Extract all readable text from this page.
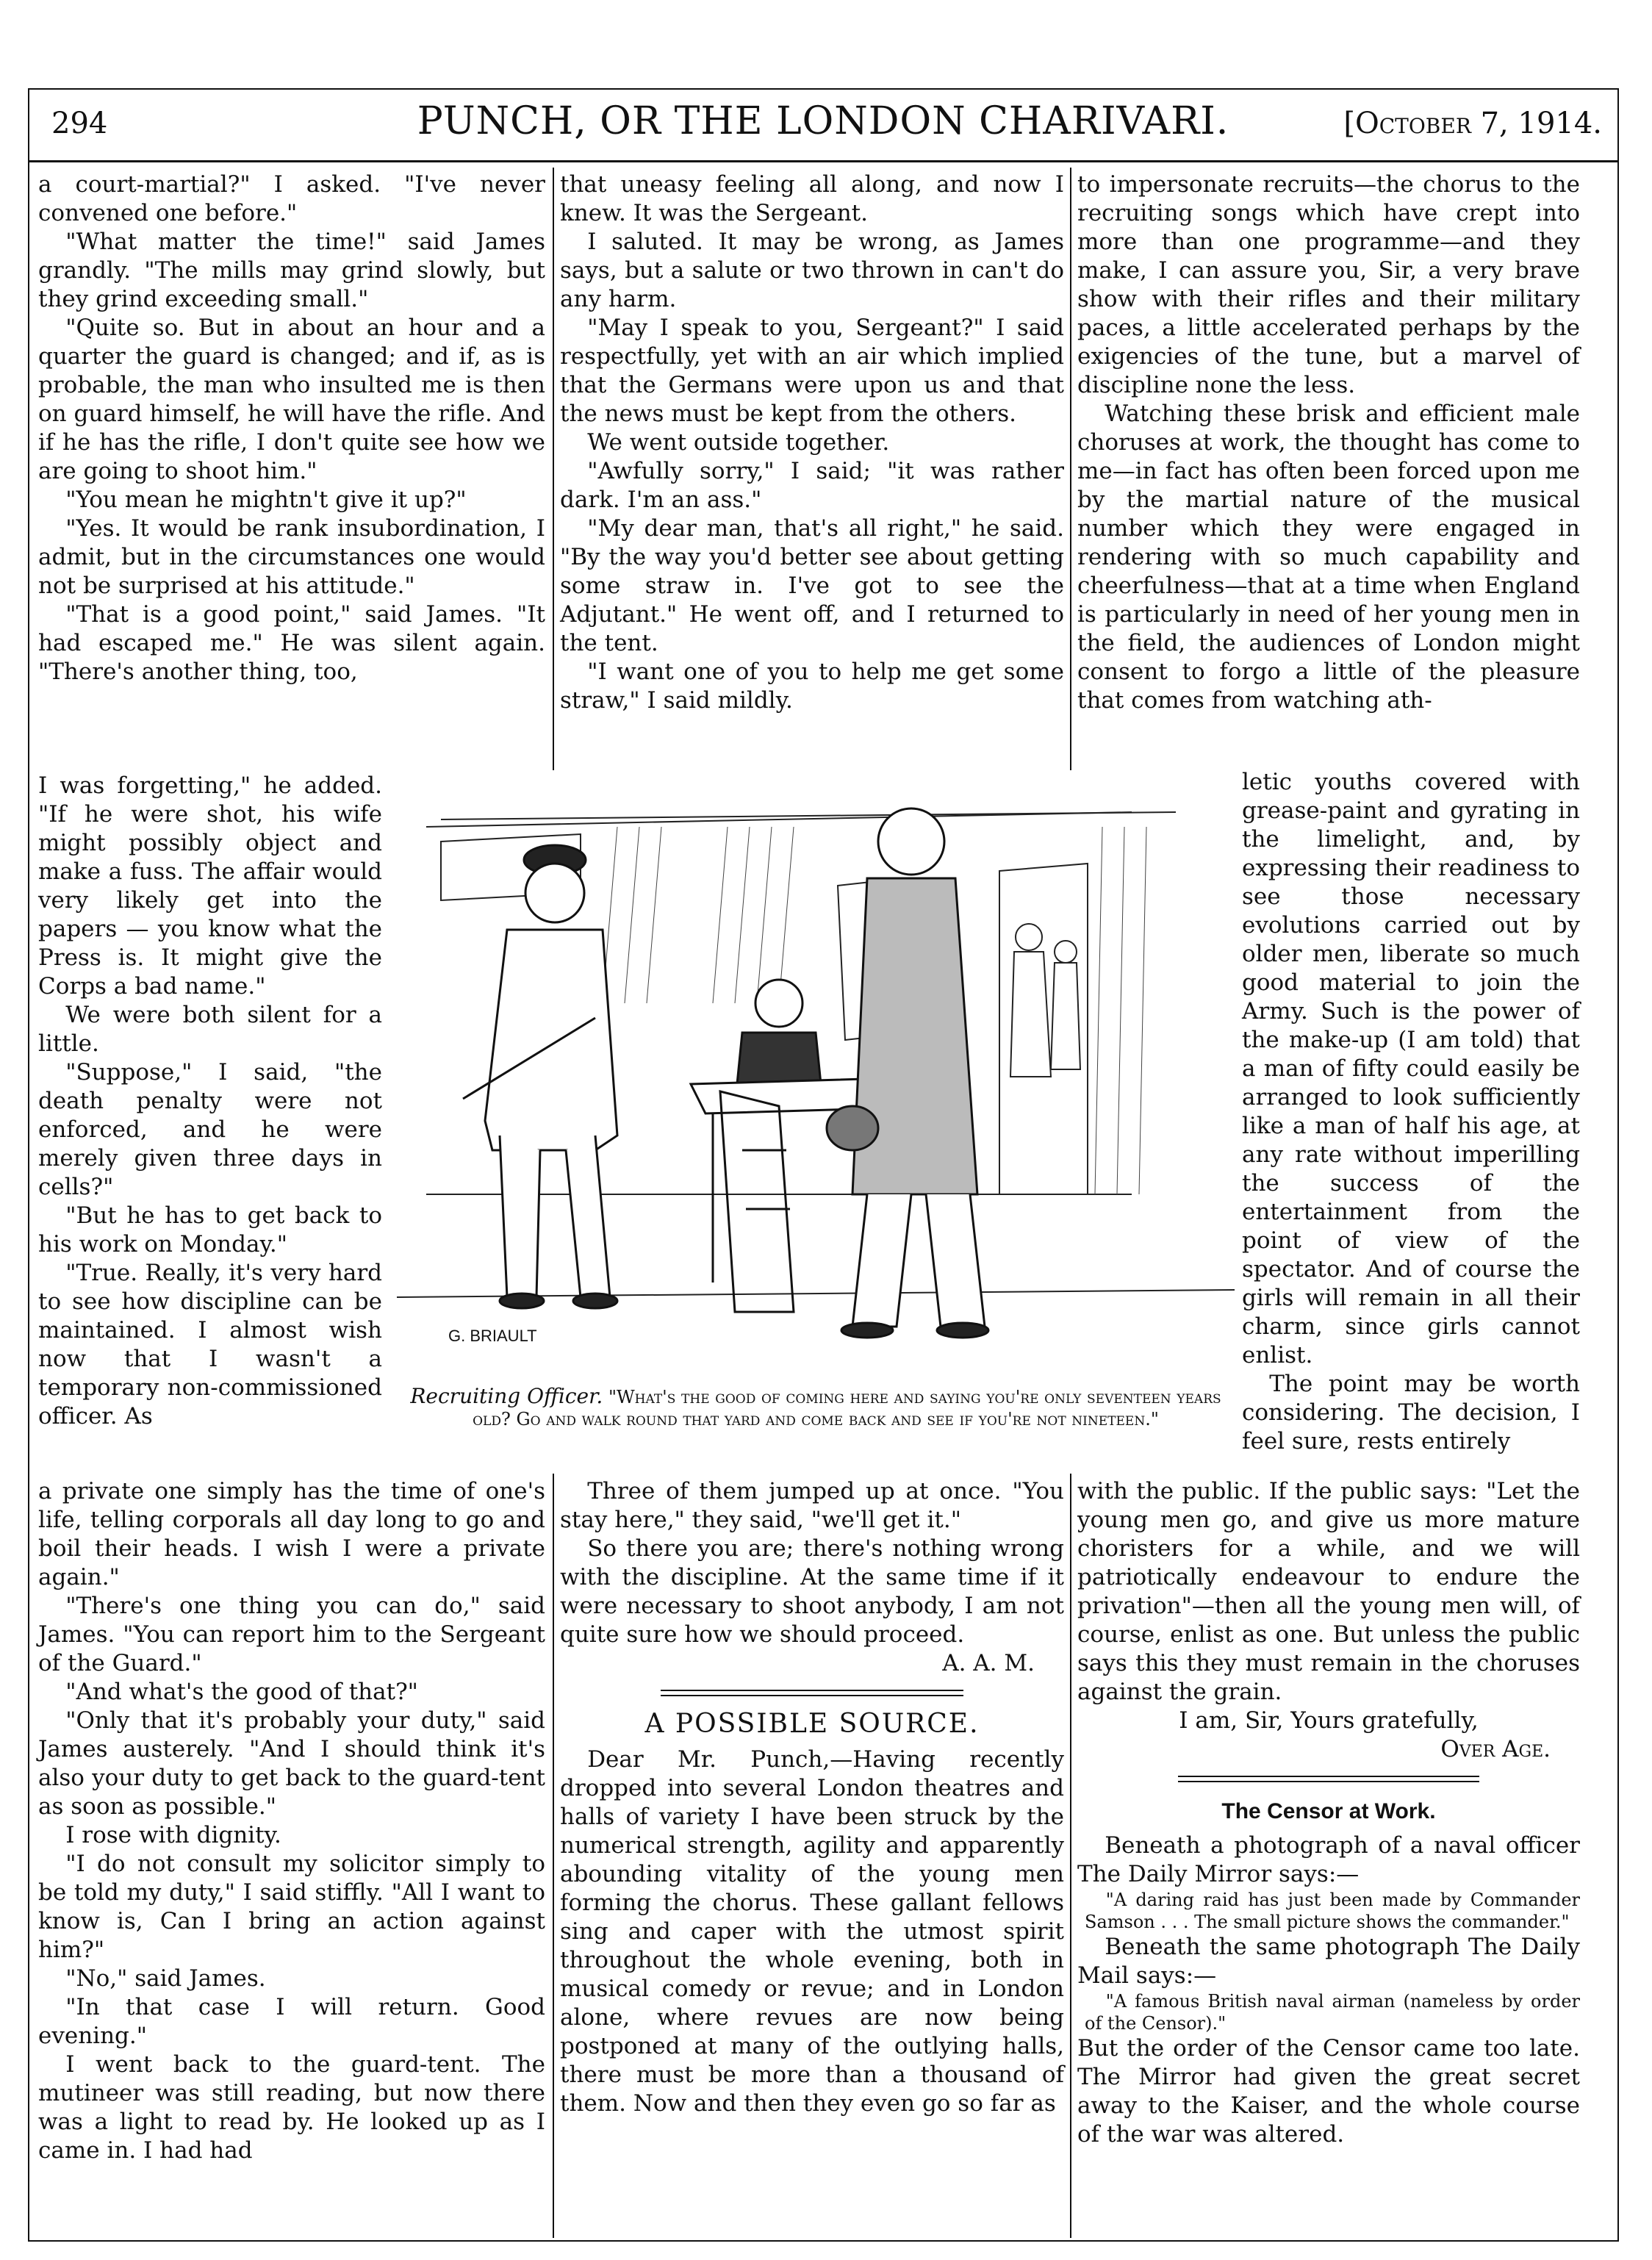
294	PUNCH, OR THE LONDON CHARIVARI.	[October 7, 1914.

a court-martial?" I asked. "I've never convened one before."

"What matter the time!" said James grandly. "The mills may grind slowly, but they grind exceeding small."

"Quite so. But in about an hour and a quarter the guard is changed; and if, as is probable, the man who insulted me is then on guard himself, he will have the rifle. And if he has the rifle, I don't quite see how we are going to shoot him."

"You mean he mightn't give it up?"

"Yes. It would be rank insubordination, I admit, but in the circumstances one would not be surprised at his attitude."

"That is a good point," said James. "It had escaped me." He was silent again. "There's another thing, too,

I was forgetting," he added. "If he were shot, his wife might possibly object and make a fuss. The affair would very likely get into the papers — you know what the Press is. It might give the Corps a bad name."

We were both silent for a little.

"Suppose," I said, "the death penalty were not enforced, and he were merely given three days in cells?"

"But he has to get back to his work on Monday."

"True. Really, it's very hard to see how discipline can be maintained. I almost wish now that I wasn't a temporary non-commissioned officer. As

a private one simply has the time of one's life, telling corporals all day long to go and boil their heads. I wish I were a private again."

"There's one thing you can do," said James. "You can report him to the Sergeant of the Guard."

"And what's the good of that?"

"Only that it's probably your duty," said James austerely. "And I should think it's also your duty to get back to the guard-tent as soon as possible."

I rose with dignity.

"I do not consult my solicitor simply to be told my duty," I said stiffly. "All I want to know is, Can I bring an action against him?"

"No," said James.

"In that case I will return. Good evening."

I went back to the guard-tent. The mutineer was still reading, but now there was a light to read by. He looked up as I came in. I had had

that uneasy feeling all along, and now I knew. It was the Sergeant.

I saluted. It may be wrong, as James says, but a salute or two thrown in can't do any harm.

"May I speak to you, Sergeant?" I said respectfully, yet with an air which implied that the Germans were upon us and that the news must be kept from the others.

We went outside together.

"Awfully sorry," I said; "it was rather dark. I'm an ass."

"My dear man, that's all right," he said. "By the way you'd better see about getting some straw in. I've got to see the Adjutant." He went off, and I returned to the tent.

"I want one of you to help me get some straw," I said mildly.

Three of them jumped up at once. "You stay here," they said, "we'll get it."

So there you are; there's nothing wrong with the discipline. At the same time if it were necessary to shoot anybody, I am not quite sure how we should proceed.

A. A. M.

A POSSIBLE SOURCE.

Dear Mr. Punch,—Having recently dropped into several London theatres and halls of variety I have been struck by the numerical strength, agility and apparently abounding vitality of the young men forming the chorus. These gallant fellows sing and caper with the utmost spirit throughout the whole evening, both in musical comedy or revue; and in London alone, where revues are now being postponed at many of the outlying halls, there must be more than a thousand of them. Now and then they even go so far as

to impersonate recruits—the chorus to the recruiting songs which have crept into more than one programme—and they make, I can assure you, Sir, a very brave show with their rifles and their military paces, a little accelerated perhaps by the exigencies of the tune, but a marvel of discipline none the less.

Watching these brisk and efficient male choruses at work, the thought has come to me—in fact has often been forced upon me by the martial nature of the musical number which they were engaged in rendering with so much capability and cheerfulness—that at a time when England is particularly in need of her young men in the field, the audiences of London might consent to forgo a little of the pleasure that comes from watching ath-

letic youths covered with grease-paint and gyrating in the limelight, and, by expressing their readiness to see those necessary evolutions carried out by older men, liberate so much good material to join the Army. Such is the power of the make-up (I am told) that a man of fifty could easily be arranged to look sufficiently like a man of half his age, at any rate without imperilling the success of the entertainment from the point of view of the spectator. And of course the girls will remain in all their charm, since girls cannot enlist.

The point may be worth considering. The decision, I feel sure, rests entirely

with the public. If the public says: "Let the young men go, and give us more mature choristers for a while, and we will patriotically endeavour to endure the privation"—then all the young men will, of course, enlist as one. But unless the public says this they must remain in the choruses against the grain.

I am, Sir, Yours gratefully,

Over Age.

The Censor at Work.

Beneath a photograph of a naval officer The Daily Mirror says:—

"A daring raid has just been made by Commander Samson . . . The small picture shows the commander."

Beneath the same photograph The Daily Mail says:—

"A famous British naval airman (nameless by order of the Censor)."

But the order of the Censor came too late. The Mirror had given the great secret away to the Kaiser, and the whole course of the war was altered.

G. BRIAULT
Recruiting Officer. "What's the good of coming here and saying you're only seventeen years old? Go and walk round that yard and come back and see if you're not nineteen."
